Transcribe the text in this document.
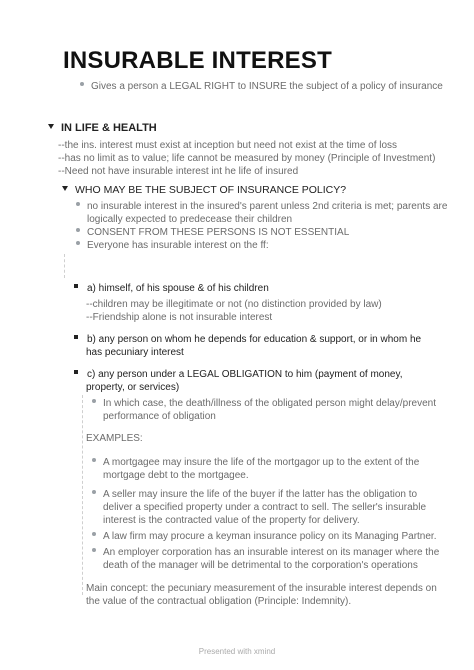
INSURABLE INTEREST
Gives a person a LEGAL RIGHT to INSURE the subject of a policy of insurance
IN LIFE & HEALTH
--the ins. interest must exist at inception but need not exist at the time of loss
--has no limit as to value; life cannot be measured by money (Principle of Investment)
--Need not have insurable interest int he life of insured
WHO MAY BE THE SUBJECT OF INSURANCE POLICY?
no insurable interest in the insured's parent unless 2nd criteria is met; parents are
logically expected to predecease their children
CONSENT FROM THESE PERSONS IS NOT ESSENTIAL
Everyone has insurable interest on the ff:
a) himself, of his spouse & of his children
--children may be illegitimate or not (no distinction provided by law)
--Friendship alone is not insurable interest
b) any person on whom he depends for education & support, or in whom he
has pecuniary interest
c) any person under a LEGAL OBLIGATION to him (payment of money,
property, or services)
In which case, the death/illness of the obligated person might delay/prevent
performance of obligation
EXAMPLES:
A mortgagee may insure the life of the mortgagor up to the extent of the
mortgage debt to the mortgagee.
A seller may insure the life of the buyer if the latter has the obligation to
deliver a specified property under a contract to sell. The seller's insurable
interest is the contracted value of the property for delivery.
A law firm may procure a keyman insurance policy on its Managing Partner.
An employer corporation has an insurable interest on its manager where the
death of the manager will be detrimental to the corporation's operations
Main concept: the pecuniary measurement of the insurable interest depends on
the value of the contractual obligation (Principle: Indemnity).
Presented with xmind
